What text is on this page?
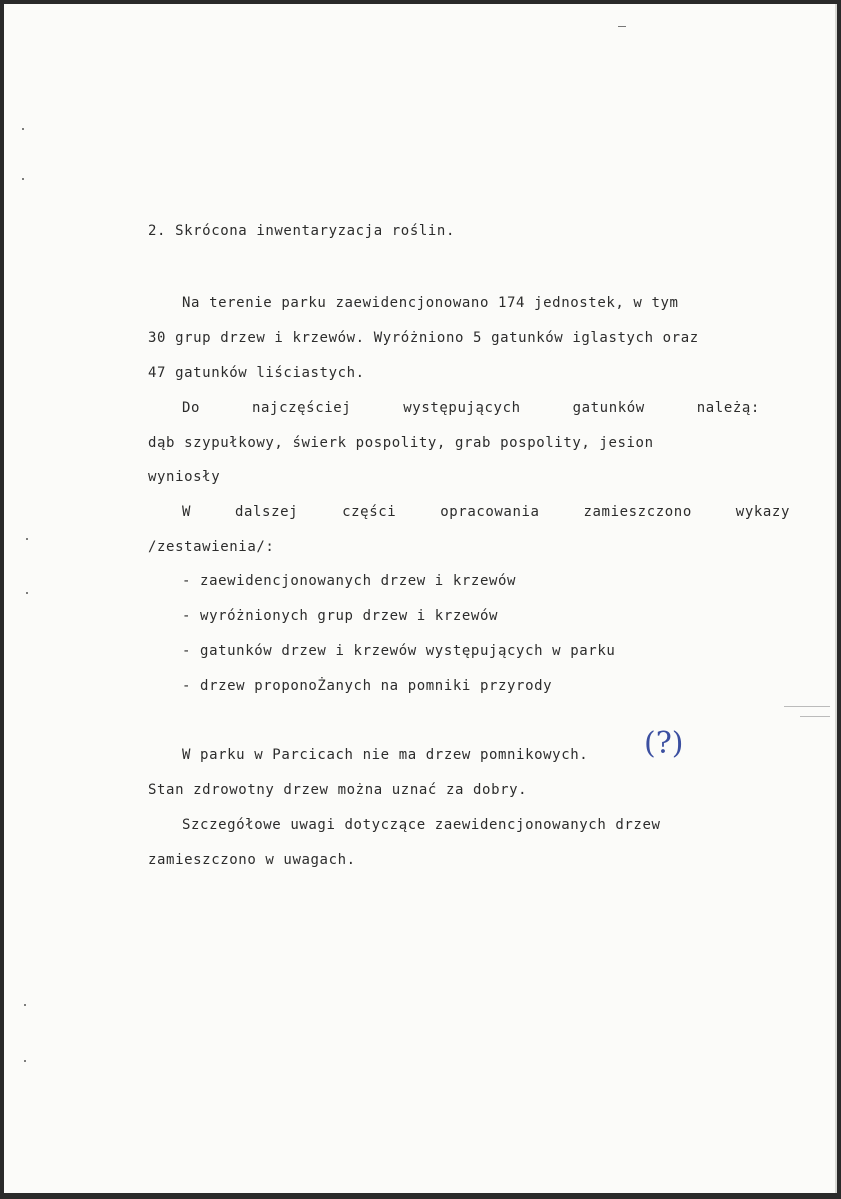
2. Skrócona inwentaryzacja roślin.
Na terenie parku zaewidencjonowano 174 jednostek, w tym
30 grup drzew i krzewów. Wyróżniono 5 gatunków iglastych oraz
47 gatunków liściastych.
Do	najczęściej	występujących	gatunków	należą:
dąb szypułkowy, świerk pospolity, grab pospolity, jesion
wyniosły
W	dalszej	części	opracowania	zamieszczono	wykazy
/zestawienia/:
- zaewidencjonowanych drzew i krzewów
- wyróżnionych grup drzew i krzewów
- gatunków drzew i krzewów występujących w parku
- drzew proponoŻanych na pomniki przyrody
W parku w Parcicach nie ma drzew pomnikowych. (?)
Stan zdrowotny drzew można uznać za dobry.
Szczegółowe uwagi dotyczące zaewidencjonowanych drzew
zamieszczono w uwagach.
